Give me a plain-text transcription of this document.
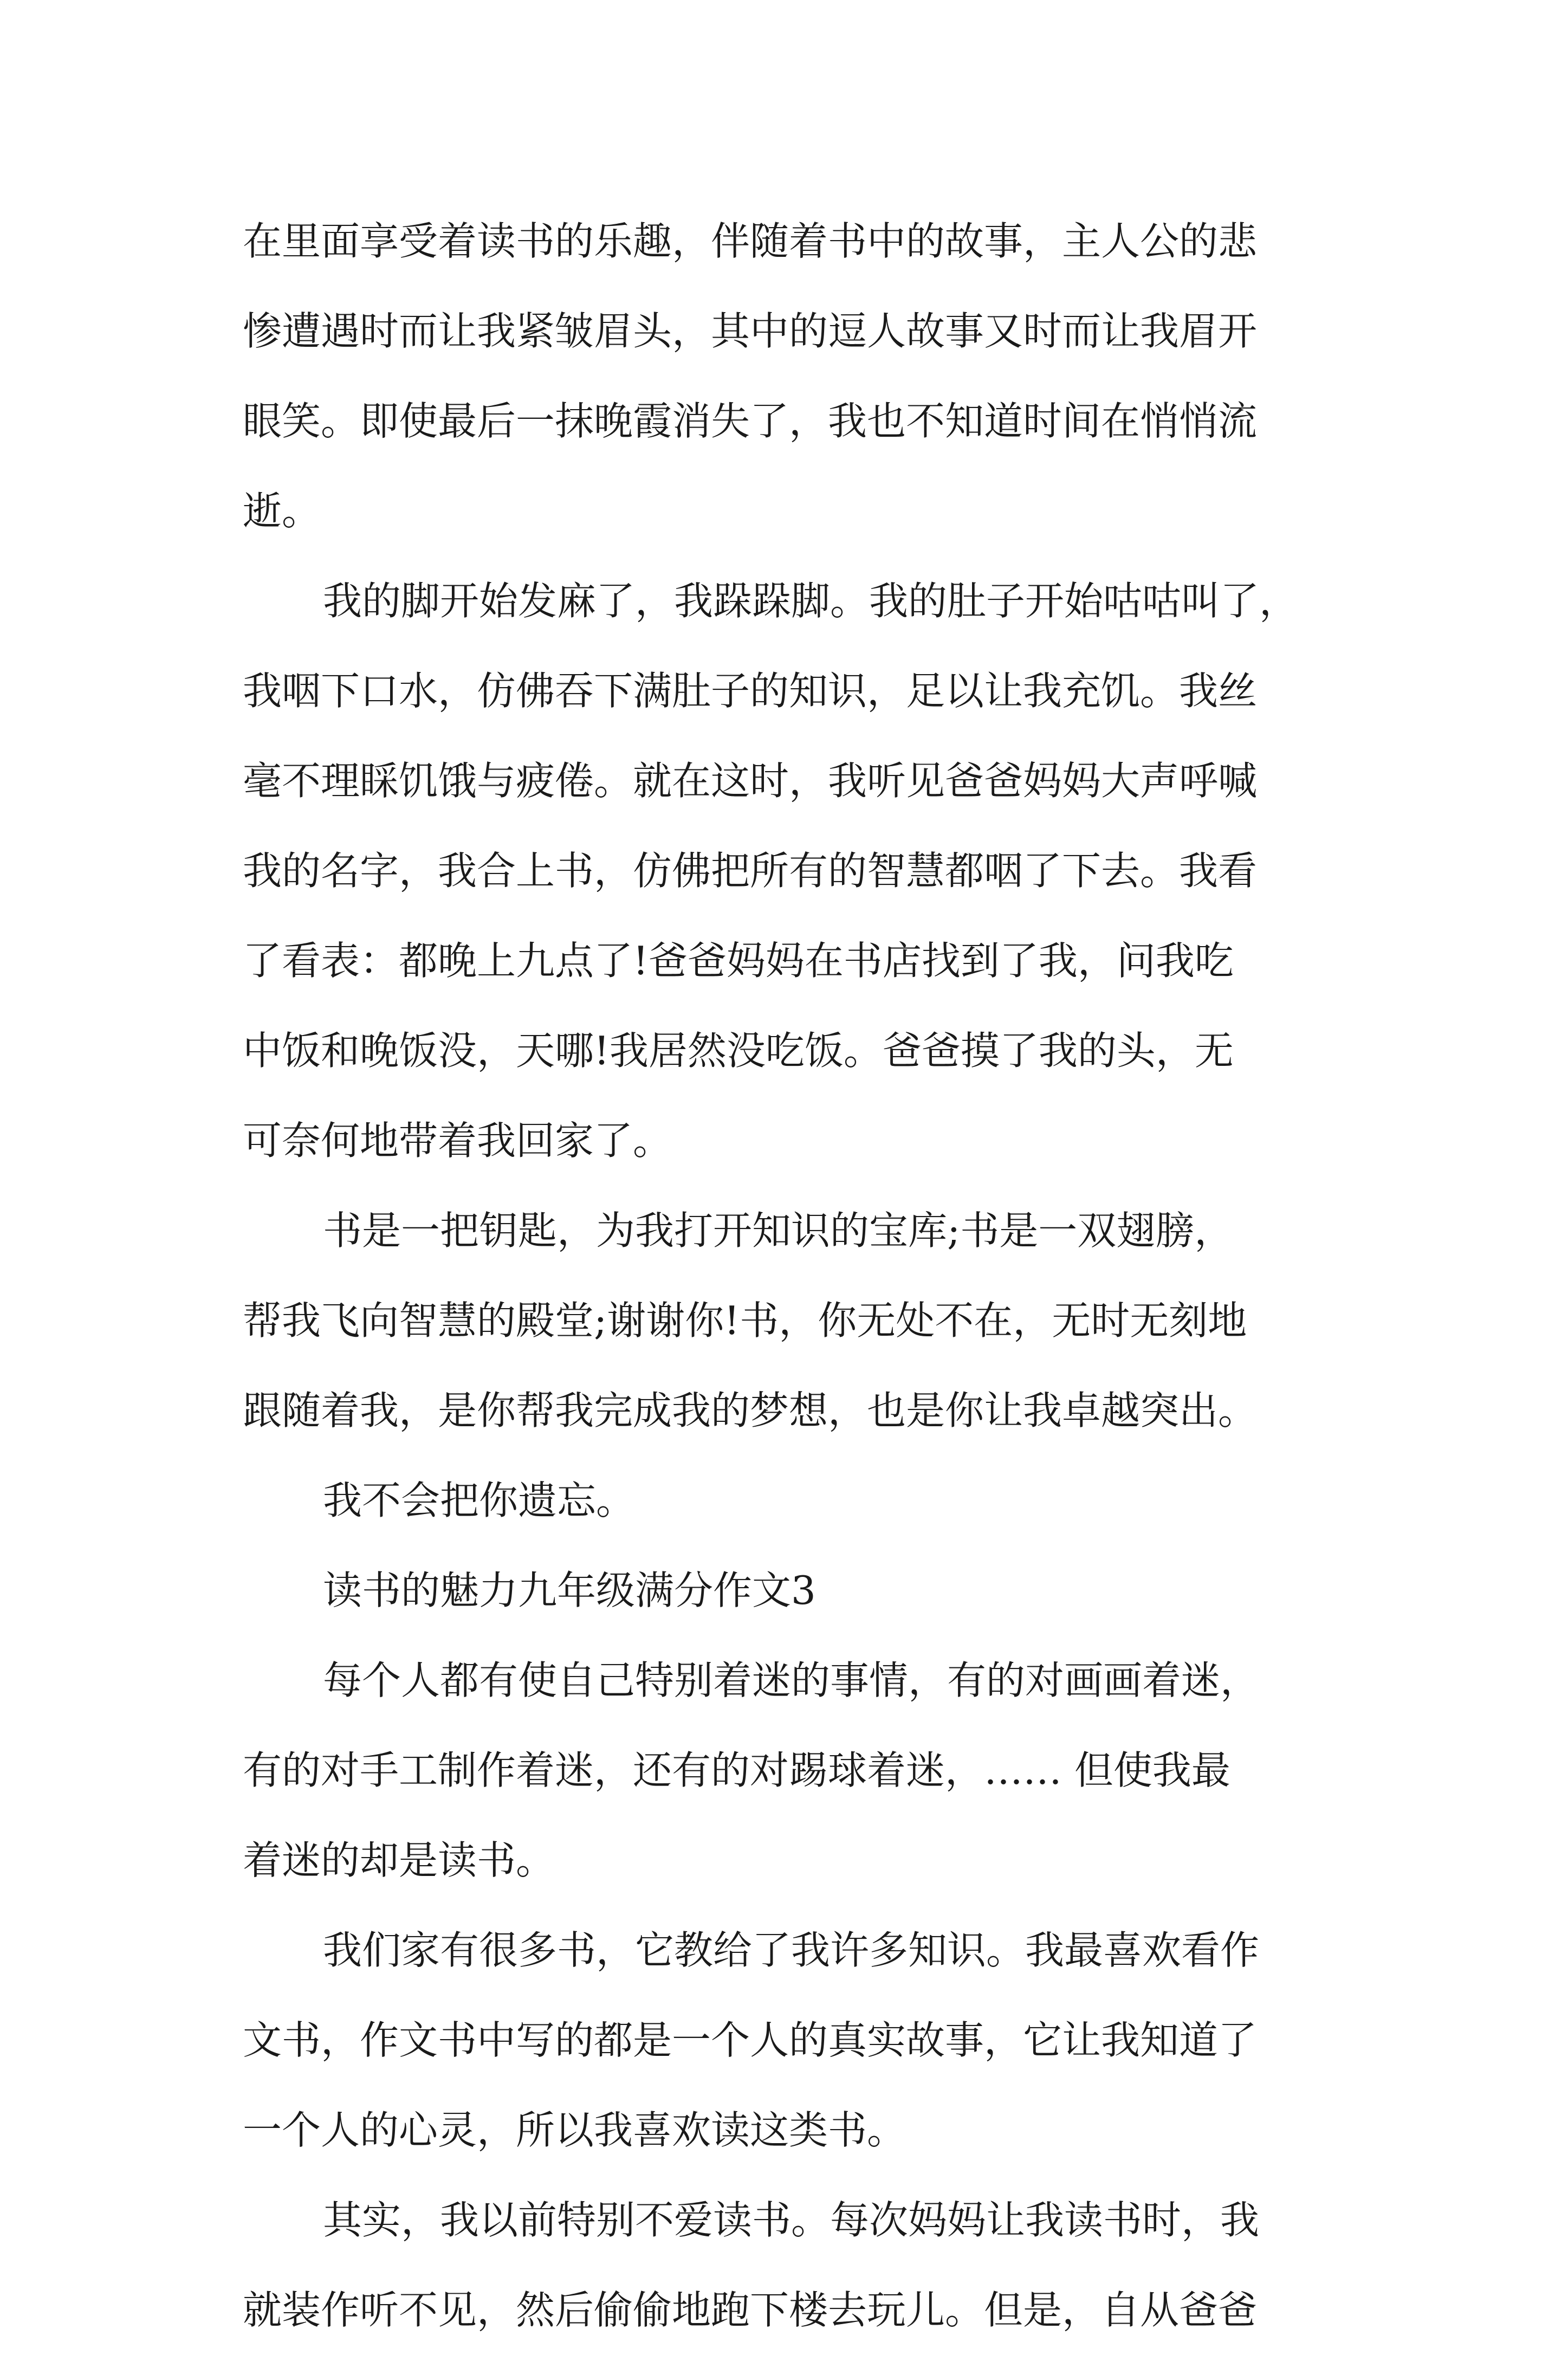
在里面享受着读书的乐趣，伴随着书中的故事，主人公的悲
惨遭遇时而让我紧皱眉头，其中的逗人故事又时而让我眉开
眼笑。即使最后一抹晚霞消失了，我也不知道时间在悄悄流
逝。
我的脚开始发麻了，我跺跺脚。我的肚子开始咕咕叫了，
我咽下口水，仿佛吞下满肚子的知识，足以让我充饥。我丝
毫不理睬饥饿与疲倦。就在这时，我听见爸爸妈妈大声呼喊
我的名字，我合上书，仿佛把所有的智慧都咽了下去。我看
了看表：都晚上九点了!爸爸妈妈在书店找到了我，问我吃
中饭和晚饭没，天哪!我居然没吃饭。爸爸摸了我的头，无
可奈何地带着我回家了。
书是一把钥匙，为我打开知识的宝库;书是一双翅膀，
帮我飞向智慧的殿堂;谢谢你!书，你无处不在，无时无刻地
跟随着我，是你帮我完成我的梦想，也是你让我卓越突出。
我不会把你遗忘。
读书的魅力九年级满分作文3
每个人都有使自己特别着迷的事情，有的对画画着迷，
有的对手工制作着迷，还有的对踢球着迷，…… 但使我最
着迷的却是读书。
我们家有很多书，它教给了我许多知识。我最喜欢看作
文书，作文书中写的都是一个人的真实故事，它让我知道了
一个人的心灵，所以我喜欢读这类书。
其实，我以前特别不爱读书。每次妈妈让我读书时，我
就装作听不见，然后偷偷地跑下楼去玩儿。但是，自从爸爸
